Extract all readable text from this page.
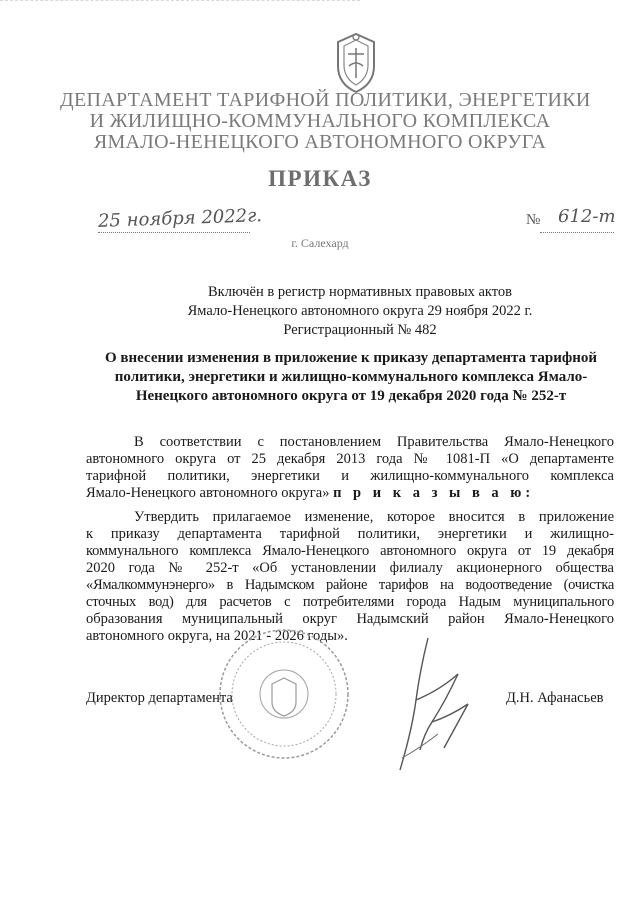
ДЕПАРТАМЕНТ ТАРИФНОЙ ПОЛИТИКИ, ЭНЕРГЕТИКИ
И ЖИЛИЩНО-КОММУНАЛЬНОГО КОМПЛЕКСА
ЯМАЛО-НЕНЕЦКОГО АВТОНОМНОГО ОКРУГА
ПРИКАЗ
25 ноября 2022г.	№ 612-т
г. Салехард
Включён в регистр нормативных правовых актов
Ямало-Ненецкого автономного округа 29 ноября 2022 г.
Регистрационный № 482
О внесении изменения в приложение к приказу департамента тарифной
политики, энергетики и жилищно-коммунального комплекса Ямало-
Ненецкого автономного округа от 19 декабря 2020 года № 252-т
В соответствии с постановлением Правительства Ямало-Ненецкого
автономного округа от 25 декабря 2013 года № 1081-П «О департаменте
тарифной политики, энергетики и жилищно-коммунального комплекса
Ямало-Ненецкого автономного округа» п р и к а з ы в а ю:
Утвердить прилагаемое изменение, которое вносится в приложение
к приказу департамента тарифной политики, энергетики и жилищно-
коммунального комплекса Ямало-Ненецкого автономного округа от 19 декабря
2020 года № 252-т «Об установлении филиалу акционерного общества
«Ямалкоммунэнерго» в Надымском районе тарифов на водоотведение (очистка
сточных вод) для расчетов с потребителями города Надым муниципального
образования муниципальный округ Надымский район Ямало-Ненецкого
автономного округа, на 2021 - 2026 годы».
Директор департамента	Д.Н. Афанасьев
